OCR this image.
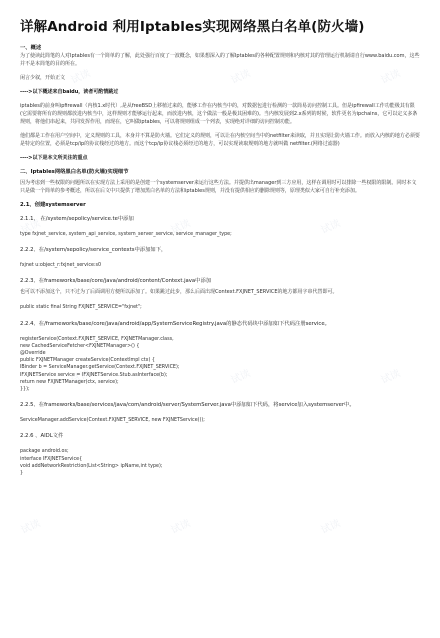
详解Android 利用Iptables实现网络黑白名单(防火墙)

一、概述

为了使读此简笔的人对Iptables有一个简单的了解，此处强行百度了一波概念，如果想深入的了解Iptables的各种配置规则和内核对其的管理运行机制请自行www.baidu.com，这些并不是本简笔的目的所在。

闲言少叙，开始正文

---->以下概述来自baidu，读者可酌情跳过

iptables的前身叫ipfirewall（内核1.x时代）,是从freeBSD上移植过来的，能够工作在内核当中的，对数据包进行检测的一款简易访问控制工具。但是ipfirewall工作功能极其有限(它需要将所有的规则都放进内核当中，这样规则才能够运行起来，而放进内核，这个做法一般是极其困难的)。当内核发展到2.x系列的时候，软件更名为ipchains，它可以定义多条规则，将他们串起来，共同发挥作用，而现在，它叫做iptables，可以将规则组成一个列表，实现绝对详细的访问控制功能。

他们都是工作在用户空间中，定义规则的工具，本身并不算是防火墙。它们定义的规则，可以让在内核空间当中的netfilter来读取，并且实现让防火墙工作。而放入内核的地方必须要是特定的位置，必须是tcp/ip的协议栈经过的地方。而这个tcp/ip协议栈必须经过的地方，可以实现读取规则的地方就叫做 netfilter.(网络过滤器)

---->以下是本文所关注的重点

二、Iptables网络黑白名单(防火墙)实现细节

因为考虑到一些权限的问题所以在实现方法上采用的是创建一个systemserver来运行这些方法。并提供出manager到三方应用，这样在调用时可以排除一些权限的限制。同时本文只是做一个简单的参考概述，所以在后文中只提供了增加黑白名单的方法和iptables规则，并没有提供相应的删除规则等，原理类似大家可自行补充添加。

2.1、创建systemserver

2.1.1、 在/system/sepolicy/service.te中添加

type fxjnet_service, system_api_service, system_server_service, service_manager_type;

2.2.2、在/system/sepolicy/service_contexts中添加如下，

fxjnet u:object_r:fxjnet_service:s0

2.2.3、在frameworks/base/core/java/android/content/Context.java中添加

也可以不添加这个，只不过为了后面调用方便所以添加了。如果跳过此步，那么后面出现Context.FXJNET_SERVICE的地方都用字串代替即可。

public static final String FXJNET_SERVICE="fxjnet";

2.2.4、在/frameworks/base/core/java/android/app/SystemServiceRegistry.java的静态代码块中添加如下代码注册service。

registerService(Context.FXJNET_SERVICE, FXJNETManager.class,

new CachedServiceFetcher<FXJNETManager>() {

@Override

public FXJNETManager createService(ContextImpl ctx) {

IBinder b = ServiceManager.getService(Context.FXJNET_SERVICE);

IFXJNETService service = IFXJNETService.Stub.asInterface(b);

return new FXJNETManager(ctx, service);

}});

2.2.5、在frameworks/base/services/java/com/android/server/SystemServer.java中添加如下代码，将service加入systemserver中。

ServiceManager.addService(Context.FXJNET_SERVICE, new FXJNETService());

2.2.6 、AIDL文件

package android.os;

interface IFXJNETService{

void addNetworkRestriction(List<String> ipName,int type);

}

试读	试读	试读
试读	试读	试读
试读	试读	试读
试读	试读	试读
